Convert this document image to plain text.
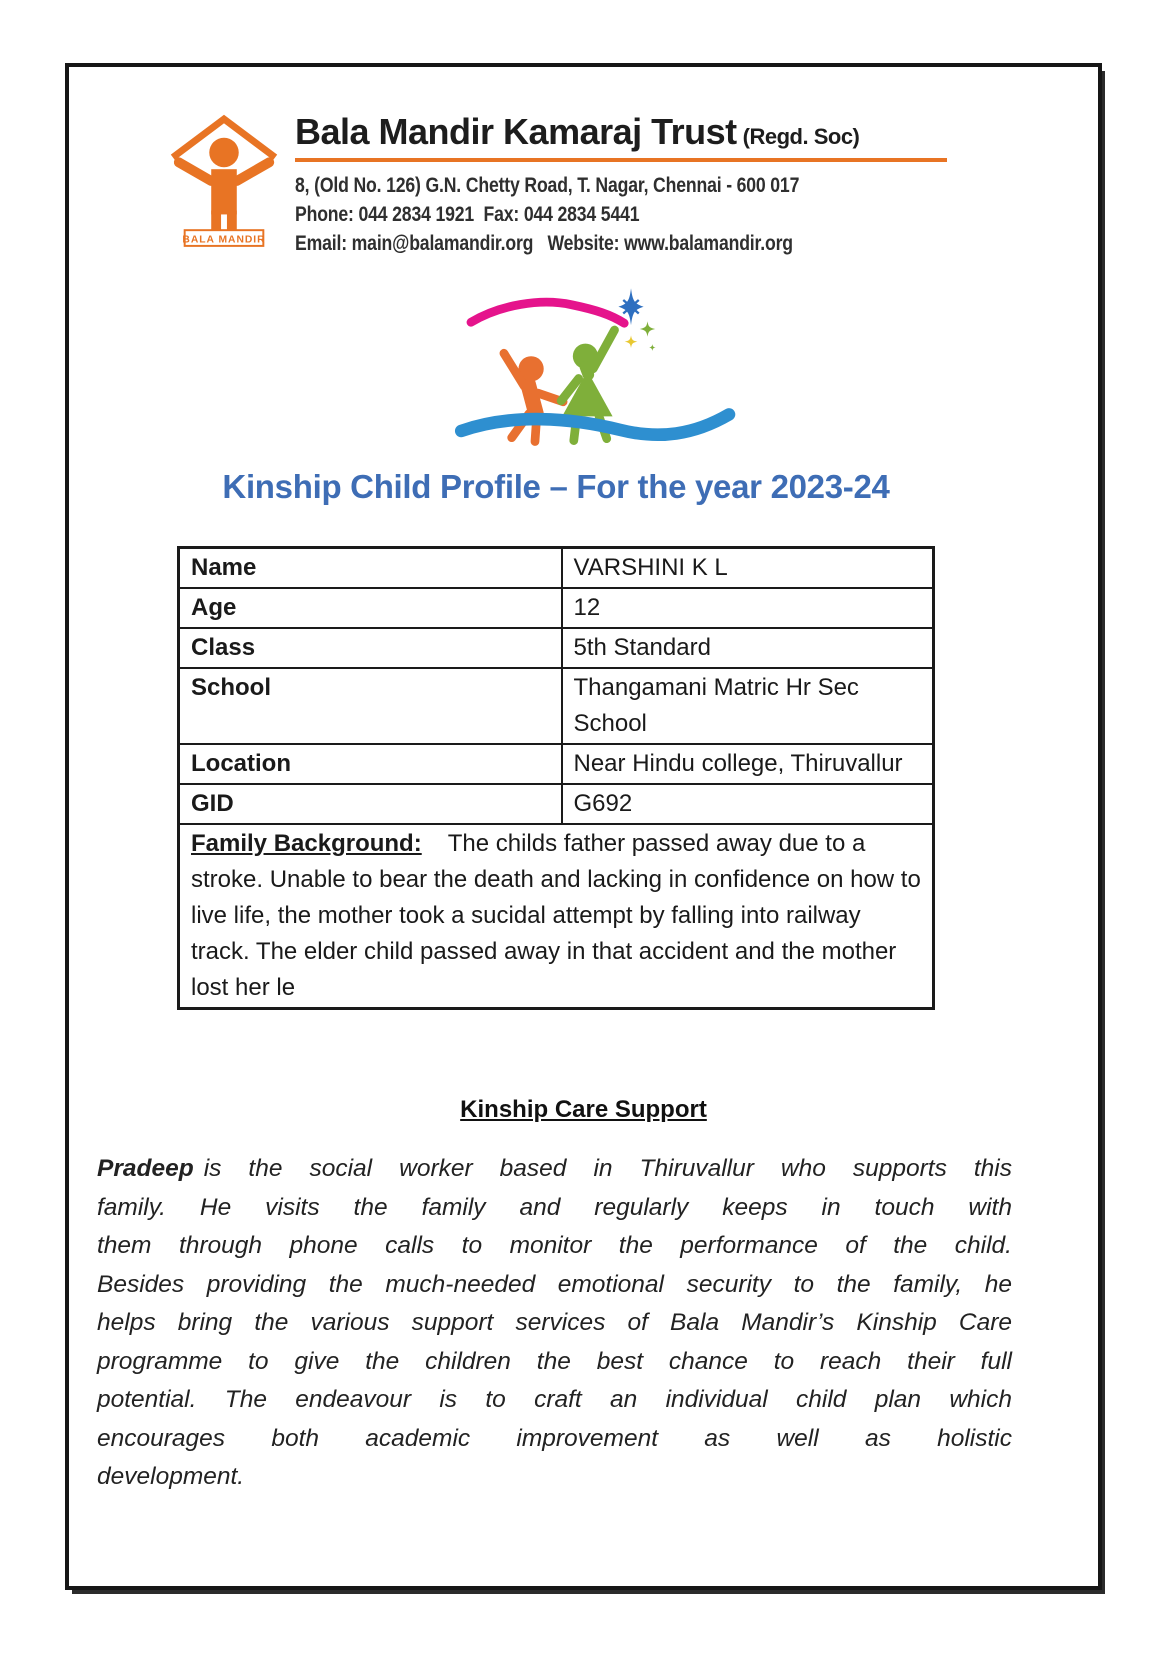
BALA MANDIR
Bala Mandir Kamaraj Trust (Regd. Soc)
8, (Old No. 126) G.N. Chetty Road, T. Nagar, Chennai - 600 017
Phone: 044 2834 1921  Fax: 044 2834 5441
Email: main@balamandir.org   Website: www.balamandir.org
Kinship Child Profile – For the year 2023-24
Name	VARSHINI K L
Age	12
Class	5th Standard
School	Thangamani Matric Hr Sec School
Location	Near Hindu college, Thiruvallur
GID	G692
Family Background: The childs father passed away due to a stroke. Unable to bear the death and lacking in confidence on how to live life, the mother took a sucidal attempt by falling into railway track. The elder child passed away in that accident and the mother lost her le	
Kinship Care Support
Pradeep is the social worker based in Thiruvallur who supports this
family. He visits the family and regularly keeps in touch with
them through phone calls to monitor the performance of the child.
Besides providing the much-needed emotional security to the family, he
helps bring the various support services of Bala Mandir’s Kinship Care
programme to give the children the best chance to reach their full
potential. The endeavour is to craft an individual child plan which
encourages both academic improvement as well as holistic
development.
